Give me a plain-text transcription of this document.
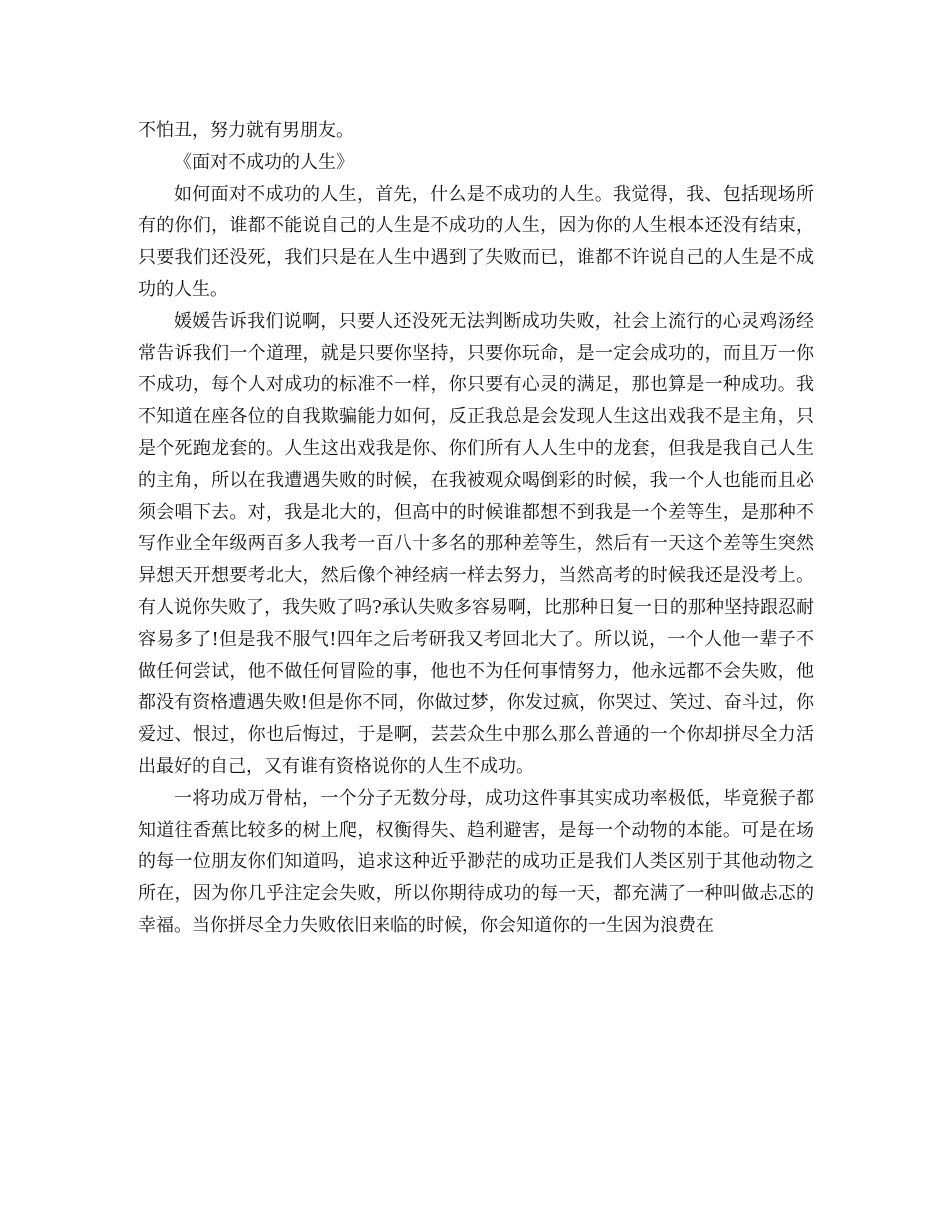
不怕丑，努力就有男朋友。

《面对不成功的人生》

如何面对不成功的人生，首先，什么是不成功的人生。我觉得，我、包括现场所有的你们，谁都不能说自己的人生是不成功的人生，因为你的人生根本还没有结束，只要我们还没死，我们只是在人生中遇到了失败而已，谁都不许说自己的人生是不成功的人生。

媛媛告诉我们说啊，只要人还没死无法判断成功失败，社会上流行的心灵鸡汤经常告诉我们一个道理，就是只要你坚持，只要你玩命，是一定会成功的，而且万一你不成功，每个人对成功的标准不一样，你只要有心灵的满足，那也算是一种成功。我不知道在座各位的自我欺骗能力如何，反正我总是会发现人生这出戏我不是主角，只是个死跑龙套的。人生这出戏我是你、你们所有人人生中的龙套，但我是我自己人生的主角，所以在我遭遇失败的时候，在我被观众喝倒彩的时候，我一个人也能而且必须会唱下去。对，我是北大的，但高中的时候谁都想不到我是一个差等生，是那种不写作业全年级两百多人我考一百八十多名的那种差等生，然后有一天这个差等生突然异想天开想要考北大，然后像个神经病一样去努力，当然高考的时候我还是没考上。有人说你失败了，我失败了吗?承认失败多容易啊，比那种日复一日的那种坚持跟忍耐容易多了!但是我不服气!四年之后考研我又考回北大了。所以说，一个人他一辈子不做任何尝试，他不做任何冒险的事，他也不为任何事情努力，他永远都不会失败，他都没有资格遭遇失败!但是你不同，你做过梦，你发过疯，你哭过、笑过、奋斗过，你爱过、恨过，你也后悔过，于是啊，芸芸众生中那么那么普通的一个你却拼尽全力活出最好的自己，又有谁有资格说你的人生不成功。

一将功成万骨枯，一个分子无数分母，成功这件事其实成功率极低，毕竟猴子都知道往香蕉比较多的树上爬，权衡得失、趋利避害，是每一个动物的本能。可是在场的每一位朋友你们知道吗，追求这种近乎渺茫的成功正是我们人类区别于其他动物之所在，因为你几乎注定会失败，所以你期待成功的每一天，都充满了一种叫做忐忑的幸福。当你拼尽全力失败依旧来临的时候，你会知道你的一生因为浪费在
